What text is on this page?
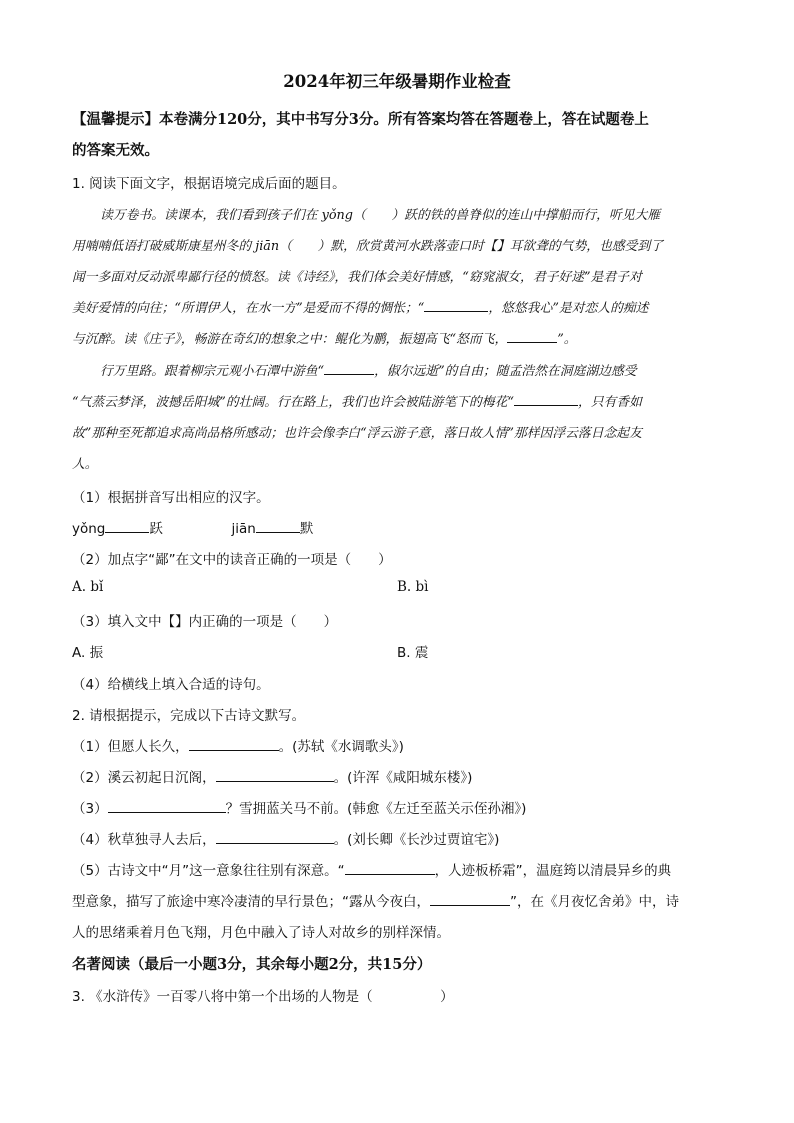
2024年初三年级暑期作业检查
【温馨提示】本卷满分120分，其中书写分3分。所有答案均答在答题卷上，答在试题卷上
的答案无效。
1. 阅读下面文字，根据语境完成后面的题目。
读万卷书。读课本，我们看到孩子们在 yǒng（　　）跃的铁的兽脊似的连山中撑船而行，听见大雁
用喃喃低语打破威斯康星州冬的 jiān（　　）默，欣赏黄河水跌落壶口时【】耳欲聋的气势，也感受到了
闻一多面对反动派卑鄙行径的愤怒。读《诗经》，我们体会美好情感，“窈窕淑女，君子好逑”是君子对
美好爱情的向往；“所谓伊人，在水一方”是爱而不得的惆怅；“	，悠悠我心”是对恋人的痴述
与沉醉。读《庄子》，畅游在奇幻的想象之中：鲲化为鹏，振翅高飞“怒而飞，	”。
行万里路。跟着柳宗元观小石潭中游鱼“	，俶尔远逝”的自由；随孟浩然在洞庭湖边感受
“气蒸云梦泽，波撼岳阳城”的壮阔。行在路上，我们也许会被陆游笔下的梅花“	，只有香如
故”那种至死都追求高尚品格所感动；也许会像李白“浮云游子意，落日故人情”那样因浮云落日念起友
人。
（1）根据拼音写出相应的汉字。
yǒng	跃	jiān	默
（2）加点字“鄙”在文中的读音正确的一项是（　　）
A. bǐ	B. bì
（3）填入文中【】内正确的一项是（　　）
A. 振	B. 震
（4）给横线上填入合适的诗句。
2. 请根据提示，完成以下古诗文默写。
（1）但愿人长久，	。(苏轼《水调歌头》)
（2）溪云初起日沉阁，	。(许浑《咸阳城东楼》)
（3）	？雪拥蓝关马不前。(韩愈《左迁至蓝关示侄孙湘》)
（4）秋草独寻人去后，	。(刘长卿《长沙过贾谊宅》)
（5）古诗文中“月”这一意象往往别有深意。“	，人迹板桥霜”，温庭筠以清晨异乡的典
型意象，描写了旅途中寒冷凄清的早行景色；“露从今夜白，	”，在《月夜忆舍弟》中，诗
人的思绪乘着月色飞翔，月色中融入了诗人对故乡的别样深情。
名著阅读（最后一小题3分，其余每小题2分，共15分）
3. 《水浒传》一百零八将中第一个出场的人物是（　　　　　）
